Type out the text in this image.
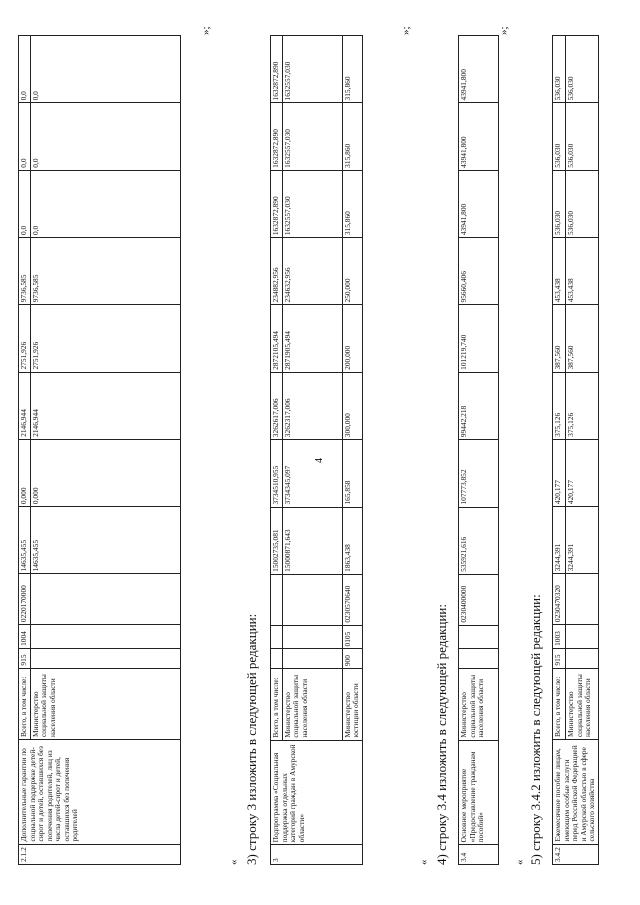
4
2.1.2	Дополнительные гарантии по социальной поддержке детей-сирот и детей, оставшихся без попечения родителей, лиц из числа детей-сирот и детей, оставшихся без попечения родителей	Всего, в том числе:	915	1004	0220170000	14635,455	0,000	2146,944	2751,926	9736,585	0,0	0,0	0,0
		Министерство социальной защиты населения области				14635,455	0,000	2146,944	2751,926	9736,585	0,0	0,0	0,0
»;
« 3) строку 3 изложить в следующей редакции: 3	Подпрограмма «Социальная поддержка отдельных категорий граждан в Амурской области»	Всего, в том числе:				15002735,081	3734510,955	3262617,006	2872105,494	234882,956	1632872,890	1632872,890	1632872,890
		Министерство социальной защиты населения области				15000871,643	3734345,097	3262317,006	2871905,494	234632,956	1632557,030	1632557,030	1632557,030
		Министерство юстиции области	900	0105	0230570640	1863,438	165,858	300,000	200,000	250,000	315,860	315,860	315,860
»;
« 4) строку 3.4 изложить в следующей редакции: 3.4	Основное мероприятие «Предоставление гражданам пособий»	Министерство социальной защиты населения области			0230400000	535921,616	107773,852	99442,218	101219,740	95660,406	43941,800	43941,800	43941,800
»;
« 5) строку 3.4.2 изложить в следующей редакции: 3.4.2	Ежемесячное пособие лицам, имеющим особые заслуги перед Российской Федерацией и Амурской областью в сфере сельского хозяйства	Всего, в том числе:	915	1003	0230470320	3244,391	420,177	375,126	387,560	453,438	536,030	536,030	536,030
		Министерство социальной защиты населения области				3244,391	420,177	375,126	387,560	453,438	536,030	536,030	536,030
